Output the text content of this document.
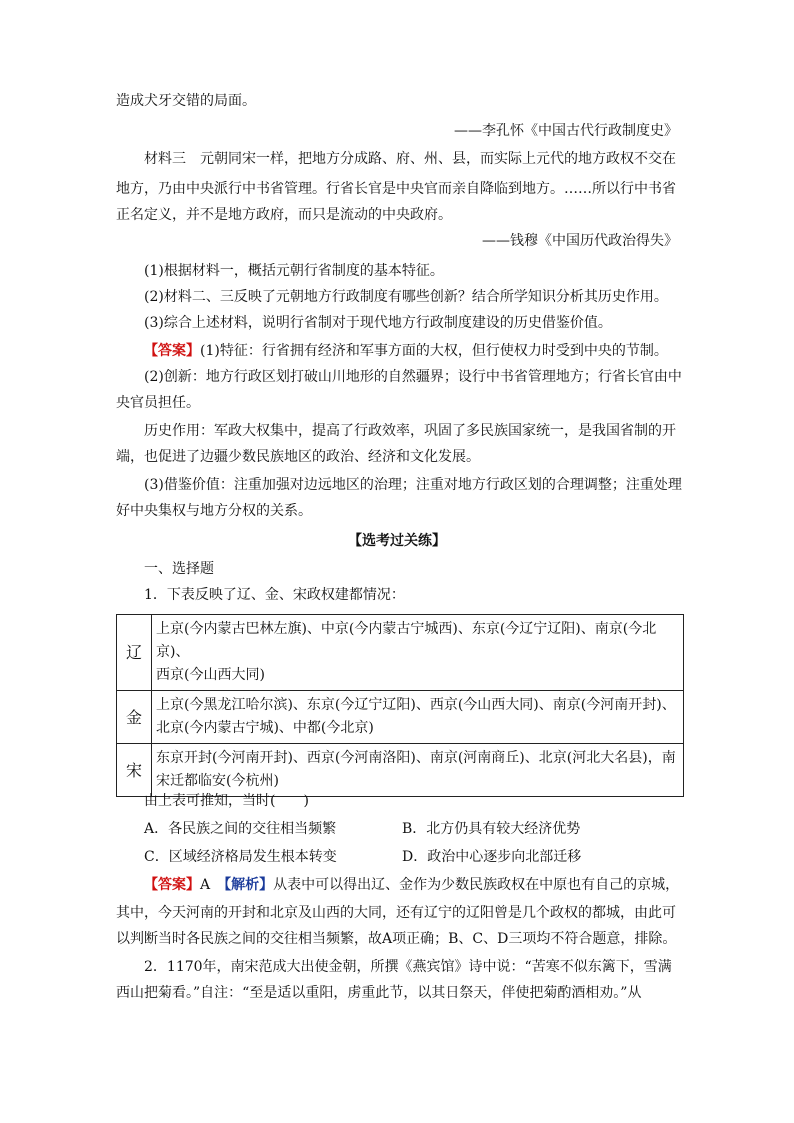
造成犬牙交错的局面。
——李孔怀《中国古代行政制度史》
材料三　元朝同宋一样，把地方分成路、府、州、县，而实际上元代的地方政权不交在
地方，乃由中央派行中书省管理。行省长官是中央官而亲自降临到地方。……所以行中书省
正名定义，并不是地方政府，而只是流动的中央政府。
——钱穆《中国历代政治得失》
(1)根据材料一，概括元朝行省制度的基本特征。
(2)材料二、三反映了元朝地方行政制度有哪些创新？结合所学知识分析其历史作用。
(3)综合上述材料，说明行省制对于现代地方行政制度建设的历史借鉴价值。
【答案】(1)特征：行省拥有经济和军事方面的大权，但行使权力时受到中央的节制。
(2)创新：地方行政区划打破山川地形的自然疆界；设行中书省管理地方；行省长官由中
央官员担任。
历史作用：军政大权集中，提高了行政效率，巩固了多民族国家统一，是我国省制的开
端，也促进了边疆少数民族地区的政治、经济和文化发展。
(3)借鉴价值：注重加强对边远地区的治理；注重对地方行政区划的合理调整；注重处理
好中央集权与地方分权的关系。
【选考过关练】
一、选择题
1．下表反映了辽、金、宋政权建都情况：
辽	上京(今内蒙古巴林左旗)、中京(今内蒙古宁城西)、东京(今辽宁辽阳)、南京(今北京)、
西京(今山西大同)

金	上京(今黑龙江哈尔滨)、东京(今辽宁辽阳)、西京(今山西大同)、南京(今河南开封)、
北京(今内蒙古宁城)、中都(今北京)

宋	东京开封(今河南开封)、西京(今河南洛阳)、南京(河南商丘)、北京(河北大名县)，南
宋迁都临安(今杭州)
由上表可推知，当时(　　)
A．各民族之间的交往相当频繁	B．北方仍具有较大经济优势
C．区域经济格局发生根本转变	D．政治中心逐步向北部迁移
【答案】A　 【解析】从表中可以得出辽、金作为少数民族政权在中原也有自己的京城，
其中，今天河南的开封和北京及山西的大同，还有辽宁的辽阳曾是几个政权的都城，由此可
以判断当时各民族之间的交往相当频繁，故A项正确；B、C、D三项均不符合题意，排除。
2．1170年，南宋范成大出使金朝，所撰《燕宾馆》诗中说：“苦寒不似东篱下，雪满
西山把菊看。”自注：“至是适以重阳，虏重此节，以其日祭天，伴使把菊酌酒相劝。”从
